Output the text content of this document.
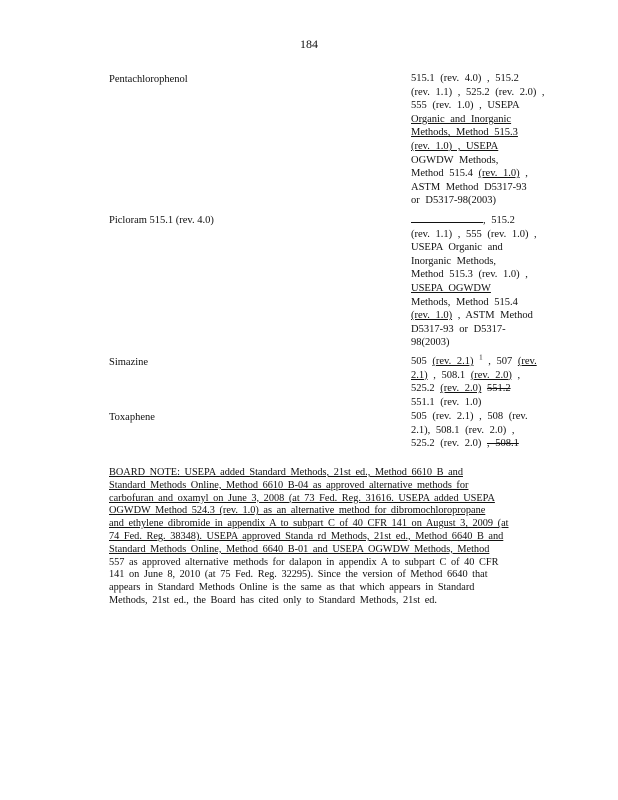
184
Pentachlorophenol	515.1 (rev. 4.0) , 515.2
(rev. 1.1) , 525.2 (rev. 2.0) ,
555 (rev. 1.0) , USEPA
Organic and Inorganic
Methods, Method 515.3
(rev. 1.0) , USEPA
OGWDW Methods,
Method 515.4 (rev. 1.0) ,
ASTM Method D5317-93
or D5317-98(2003)
Picloram 515.1 (rev. 4.0)	, 515.2
(rev. 1.1) , 555 (rev. 1.0) ,
USEPA Organic and
Inorganic Methods,
Method 515.3 (rev. 1.0) ,
USEPA OGWDW
Methods, Method 515.4
(rev. 1.0) , ASTM Method
D5317-93 or D5317-
98(2003)
Simazine	505 (rev. 2.1) $^1$ , 507 (rev.
2.1) , 508.1 (rev. 2.0) ,
525.2 (rev. 2.0) 551.2
551.1 (rev. 1.0)
Toxaphene	505 (rev. 2.1) , 508 (rev.
2.1), 508.1 (rev. 2.0) ,
525.2 (rev. 2.0) , 508.1
BOARD NOTE: USEPA added Standard Methods, 21st ed., Method 6610 B and
Standard Methods Online, Method 6610 B-04 as approved alternative methods for
carbofuran and oxamyl on June 3, 2008 (at 73 Fed. Reg. 31616. USEPA added USEPA
OGWDW Method 524.3 (rev. 1.0) as an alternative method for dibromochloropropane
and ethylene dibromide in appendix A to subpart C of 40 CFR 141 on August 3, 2009 (at
74 Fed. Reg. 38348). USEPA approved Standa rd Methods, 21st ed., Method 6640 B and
Standard Methods Online, Method 6640 B-01 and USEPA OGWDW Methods, Method
557 as approved alternative methods for dalapon in appendix A to subpart C of 40 CFR
141 on June 8, 2010 (at 75 Fed. Reg. 32295). Since the version of Method 6640 that
appears in Standard Methods Online is the same as that which appears in Standard
Methods, 21st ed., the Board has cited only to Standard Methods, 21st ed.
